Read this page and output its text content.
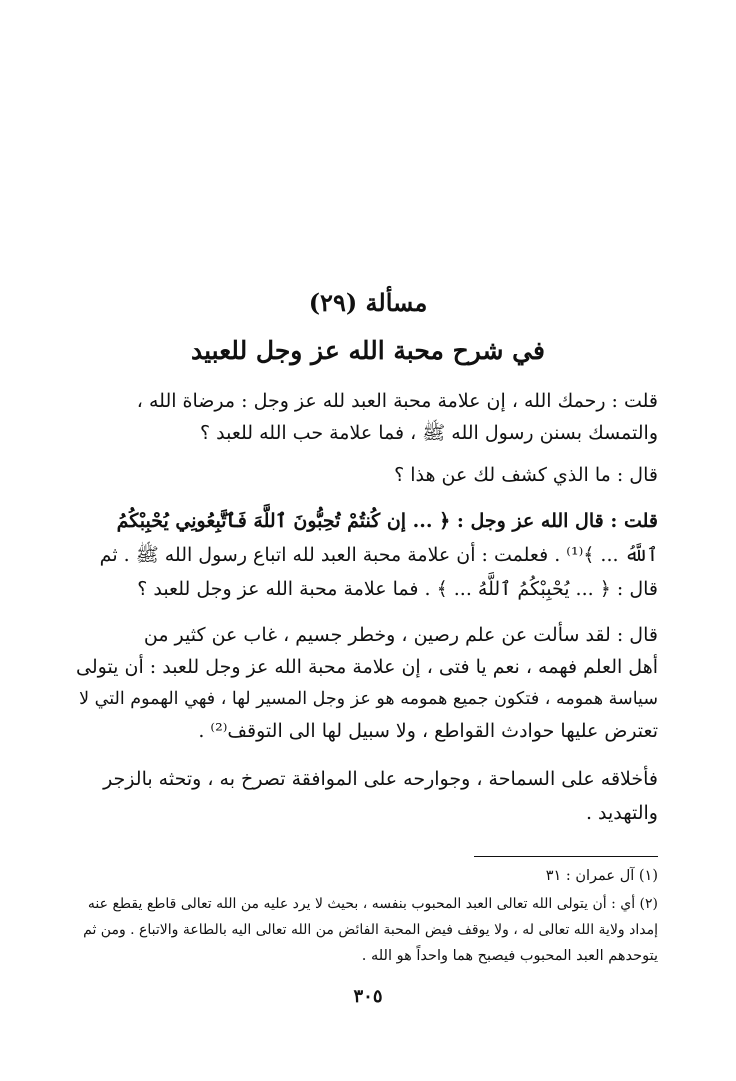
مسألة (٢٩)
في شرح محبة الله عز وجل للعبيد
قلت : رحمك الله ، إن علامة محبة العبد لله عز وجل : مرضاة الله ،
والتمسك بسنن رسول الله ﷺ ، فما علامة حب الله للعبد ؟
قال : ما الذي كشف لك عن هذا ؟
قلت : قال الله عز وجل : ﴿ ... إن كُنتُمْ تُحِبُّونَ ٱللَّهَ فَٱتَّبِعُونِي يُحْبِبْكُمُ
ٱللَّهُ ... ﴾⁽¹⁾ . فعلمت : أن علامة محبة العبد لله اتباع رسول الله ﷺ . ثم
قال : ﴿ ... يُحْبِبْكُمُ ٱللَّهُ ... ﴾ . فما علامة محبة الله عز وجل للعبد ؟
قال : لقد سألت عن علم رصين ، وخطر جسيم ، غاب عن كثير من
أهل العلم فهمه ، نعم يا فتى ، إن علامة محبة الله عز وجل للعبد : أن يتولى
سياسة همومه ، فتكون جميع همومه هو عز وجل المسير لها ، فهي الهموم التي لا
تعترض عليها حوادث القواطع ، ولا سبيل لها الى التوقف⁽²⁾ .
فأخلاقه على السماحة ، وجوارحه على الموافقة تصرخ به ، وتحثه بالزجر
والتهديد .
(١) آل عمران : ٣١
(٢) أي : أن يتولى الله تعالى العبد المحبوب بنفسه ، بحيث لا يرد عليه من الله تعالى قاطع يقطع عنه
إمداد ولاية الله تعالى له ، ولا يوقف فيض المحبة الفائض من الله تعالى اليه بالطاعة والاتباع . ومن ثم
يتوحدهم العبد المحبوب فيصبح هما واحداً هو الله .
٣٠٥
